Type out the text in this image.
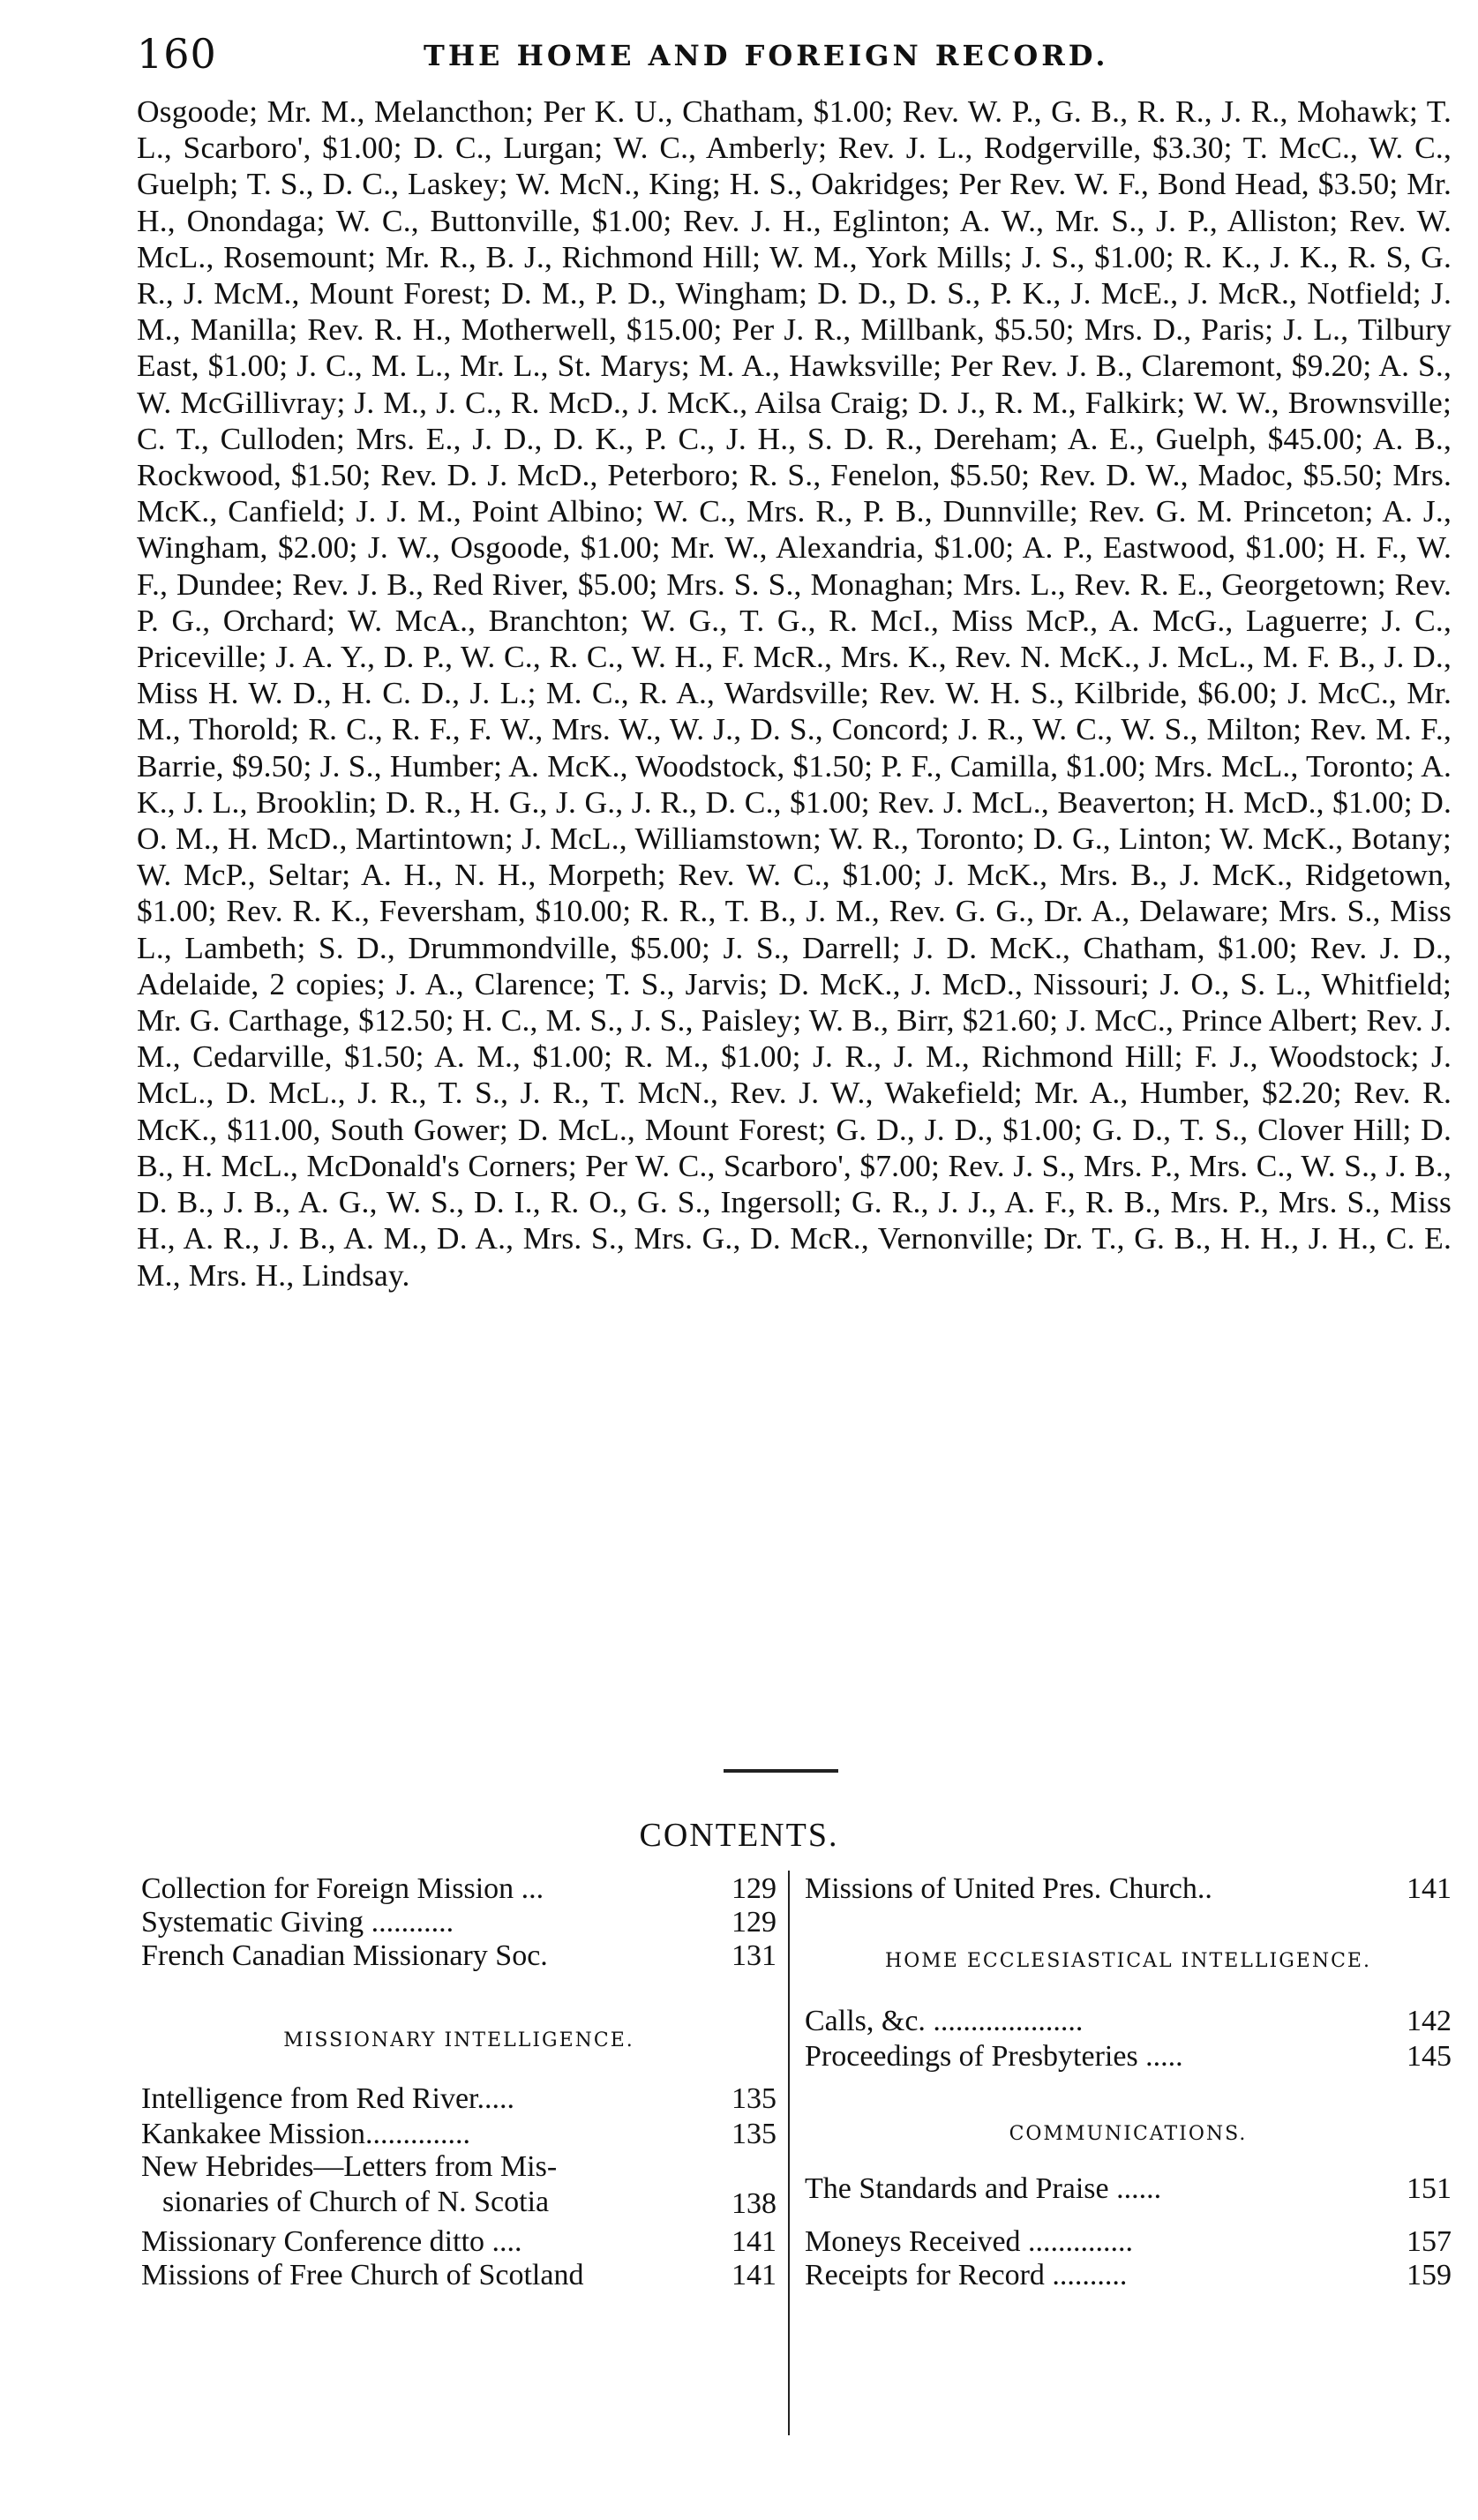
160	THE HOME AND FOREIGN RECORD.
Osgoode; Mr. M., Melancthon; Per K. U., Chatham, $1.00; Rev. W. P., G. B., R. R., J. R., Mohawk; T. L., Scarboro', $1.00; D. C., Lurgan; W. C., Amberly; Rev. J. L., Rodgerville, $3.30; T. McC., W. C., Guelph; T. S., D. C., Laskey; W. McN., King; H. S., Oakridges; Per Rev. W. F., Bond Head, $3.50; Mr. H., Onondaga; W. C., Buttonville, $1.00; Rev. J. H., Eglinton; A. W., Mr. S., J. P., Alliston; Rev. W. McL., Rosemount; Mr. R., B. J., Richmond Hill; W. M., York Mills; J. S., $1.00; R. K., J. K., R. S, G. R., J. McM., Mount Forest; D. M., P. D., Wingham; D. D., D. S., P. K., J. McE., J. McR., Notfield; J. M., Manilla; Rev. R. H., Motherwell, $15.00; Per J. R., Millbank, $5.50; Mrs. D., Paris; J. L., Tilbury East, $1.00; J. C., M. L., Mr. L., St. Marys; M. A., Hawksville; Per Rev. J. B., Claremont, $9.20; A. S., W. McGillivray; J. M., J. C., R. McD., J. McK., Ailsa Craig; D. J., R. M., Falkirk; W. W., Brownsville; C. T., Culloden; Mrs. E., J. D., D. K., P. C., J. H., S. D. R., Dereham; A. E., Guelph, $45.00; A. B., Rockwood, $1.50; Rev. D. J. McD., Peterboro; R. S., Fenelon, $5.50; Rev. D. W., Madoc, $5.50; Mrs. McK., Canfield; J. J. M., Point Albino; W. C., Mrs. R., P. B., Dunnville; Rev. G. M. Princeton; A. J., Wingham, $2.00; J. W., Osgoode, $1.00; Mr. W., Alexandria, $1.00; A. P., Eastwood, $1.00; H. F., W. F., Dundee; Rev. J. B., Red River, $5.00; Mrs. S. S., Monaghan; Mrs. L., Rev. R. E., Georgetown; Rev. P. G., Orchard; W. McA., Branchton; W. G., T. G., R. McI., Miss McP., A. McG., Laguerre; J. C., Priceville; J. A. Y., D. P., W. C., R. C., W. H., F. McR., Mrs. K., Rev. N. McK., J. McL., M. F. B., J. D., Miss H. W. D., H. C. D., J. L.; M. C., R. A., Wardsville; Rev. W. H. S., Kilbride, $6.00; J. McC., Mr. M., Thorold; R. C., R. F., F. W., Mrs. W., W. J., D. S., Concord; J. R., W. C., W. S., Milton; Rev. M. F., Barrie, $9.50; J. S., Humber; A. McK., Woodstock, $1.50; P. F., Camilla, $1.00; Mrs. McL., Toronto; A. K., J. L., Brooklin; D. R., H. G., J. G., J. R., D. C., $1.00; Rev. J. McL., Beaverton; H. McD., $1.00; D. O. M., H. McD., Martintown; J. McL., Williamstown; W. R., Toronto; D. G., Linton; W. McK., Botany; W. McP., Seltar; A. H., N. H., Morpeth; Rev. W. C., $1.00; J. McK., Mrs. B., J. McK., Ridgetown, $1.00; Rev. R. K., Feversham, $10.00; R. R., T. B., J. M., Rev. G. G., Dr. A., Delaware; Mrs. S., Miss L., Lambeth; S. D., Drummondville, $5.00; J. S., Darrell; J. D. McK., Chatham, $1.00; Rev. J. D., Adelaide, 2 copies; J. A., Clarence; T. S., Jarvis; D. McK., J. McD., Nissouri; J. O., S. L., Whitfield; Mr. G. Carthage, $12.50; H. C., M. S., J. S., Paisley; W. B., Birr, $21.60; J. McC., Prince Albert; Rev. J. M., Cedarville, $1.50; A. M., $1.00; R. M., $1.00; J. R., J. M., Richmond Hill; F. J., Woodstock; J. McL., D. McL., J. R., T. S., J. R., T. McN., Rev. J. W., Wakefield; Mr. A., Humber, $2.20; Rev. R. McK., $11.00, South Gower; D. McL., Mount Forest; G. D., J. D., $1.00; G. D., T. S., Clover Hill; D. B., H. McL., McDonald's Corners; Per W. C., Scarboro', $7.00; Rev. J. S., Mrs. P., Mrs. C., W. S., J. B., D. B., J. B., A. G., W. S., D. I., R. O., G. S., Ingersoll; G. R., J. J., A. F., R. B., Mrs. P., Mrs. S., Miss H., A. R., J. B., A. M., D. A., Mrs. S., Mrs. G., D. McR., Vernonville; Dr. T., G. B., H. H., J. H., C. E. M., Mrs. H., Lindsay.
CONTENTS.
Collection for Foreign Mission ...	129
Systematic Giving ...........	129
French Canadian Missionary Soc.	131
MISSIONARY INTELLIGENCE.
Intelligence from Red River.....	135
Kankakee Mission..............	135
New Hebrides—Letters from Mis-
sionaries of Church of N. Scotia	138
Missionary Conference ditto ....	141
Missions of Free Church of Scotland	141
Missions of United Pres. Church..	141
HOME ECCLESIASTICAL INTELLIGENCE.
Calls, &c. ....................	142
Proceedings of Presbyteries .....	145
COMMUNICATIONS.
The Standards and Praise ......	151
Moneys Received ..............	157
Receipts for Record ..........	159
